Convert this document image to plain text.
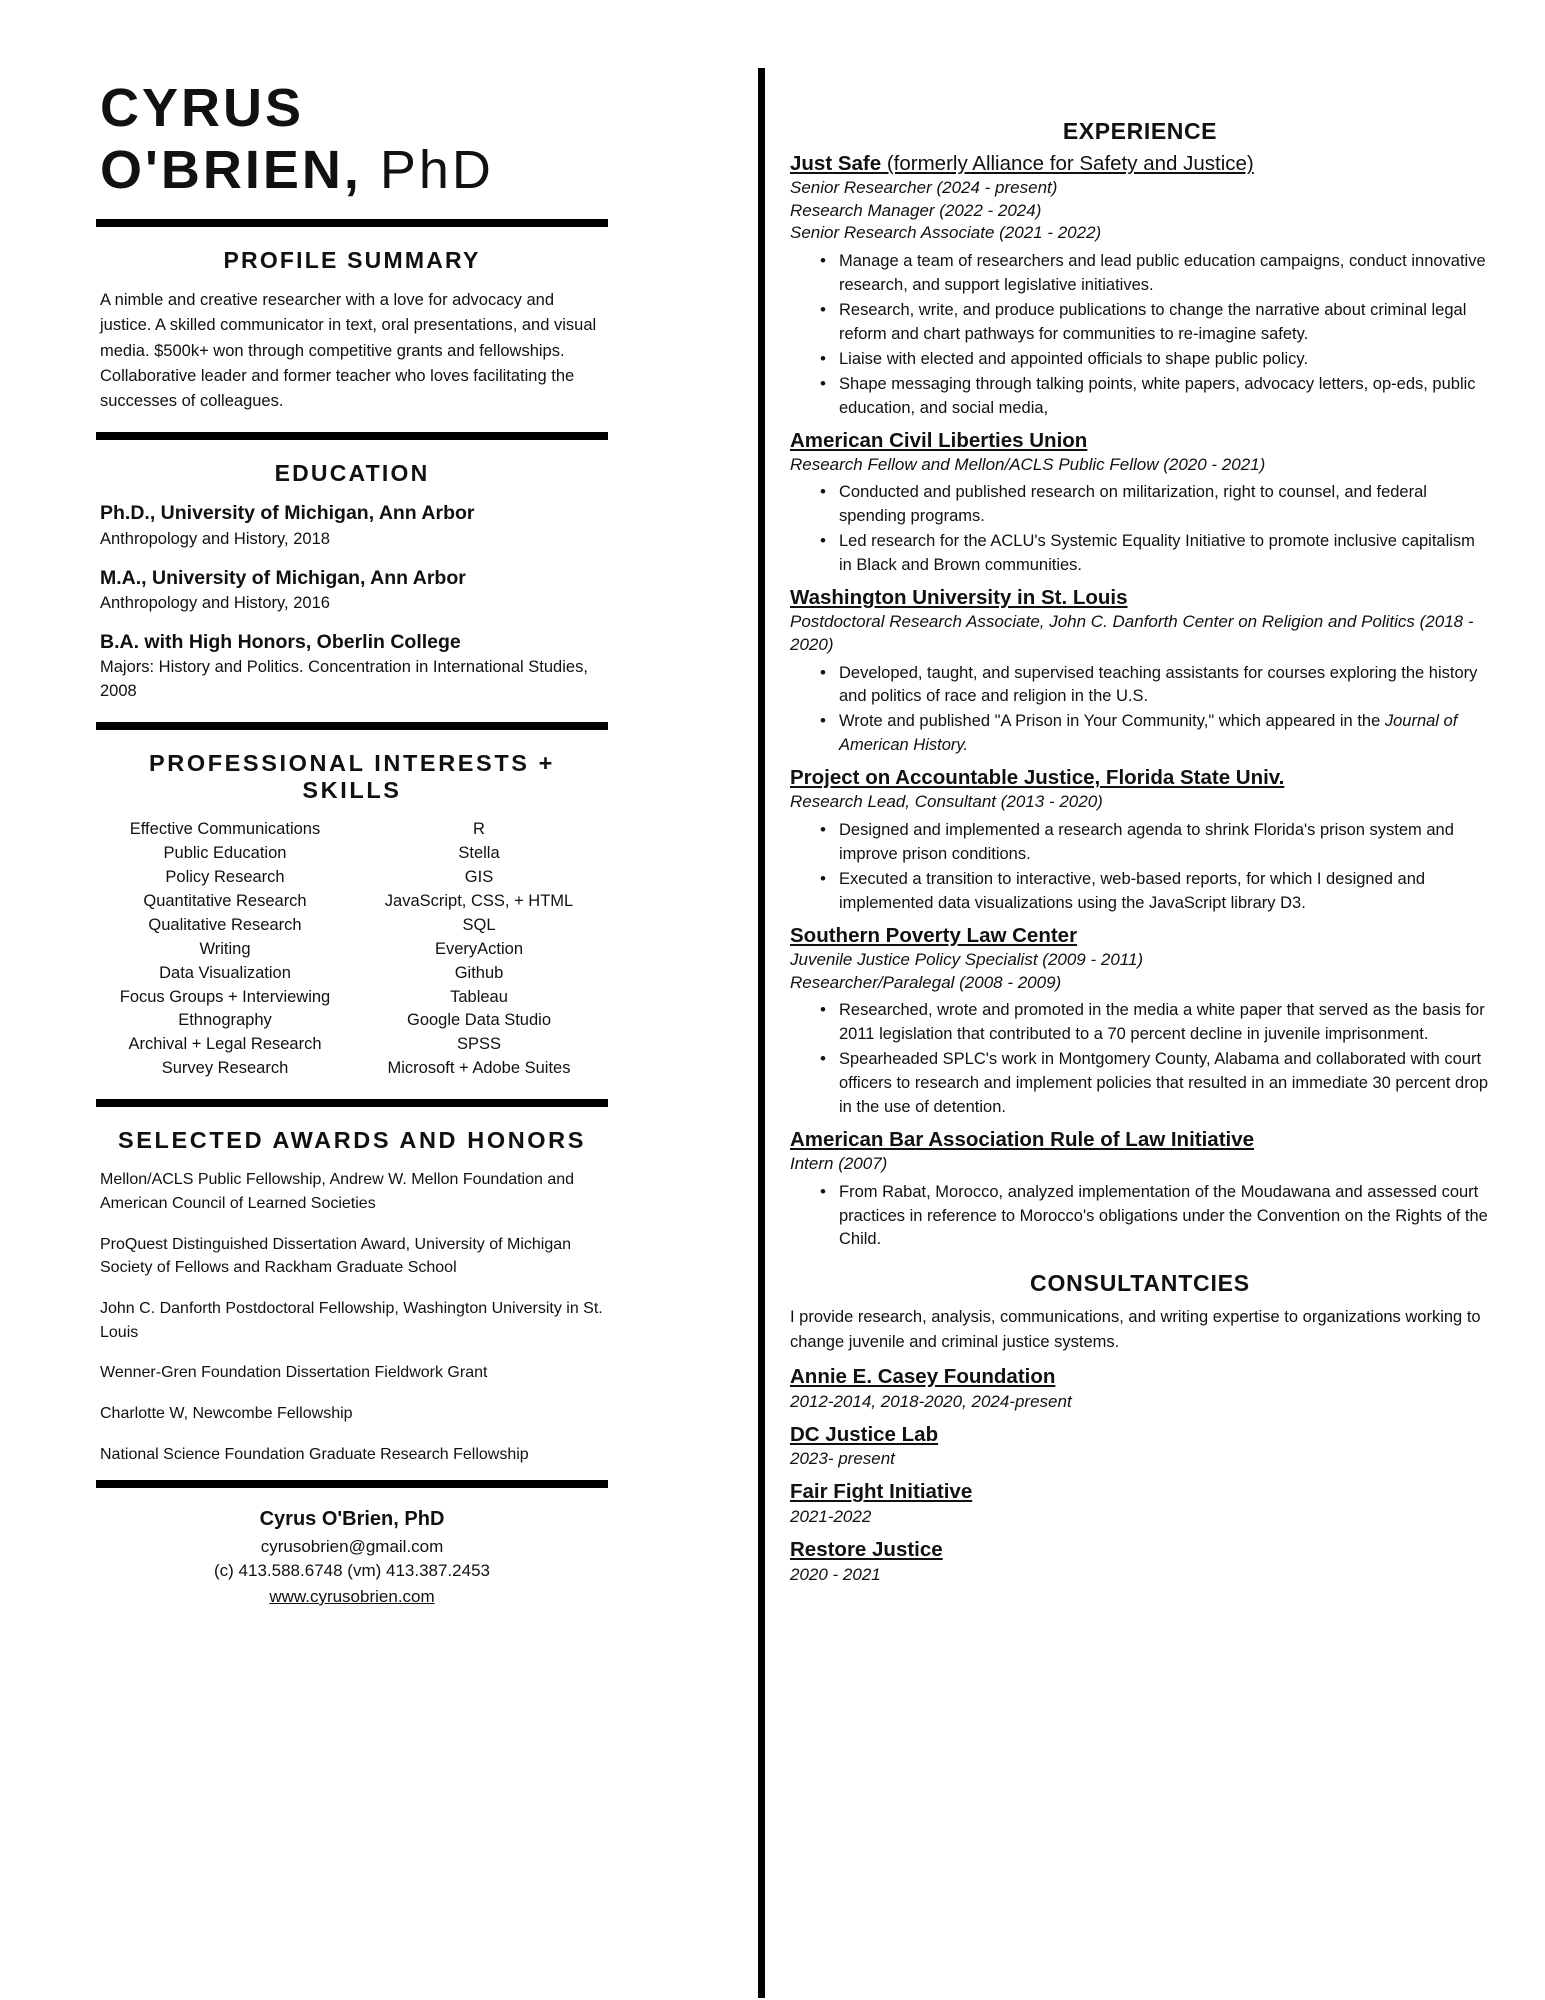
CYRUS
O'BRIEN, PhD
PROFILE SUMMARY

A nimble and creative researcher with a love for advocacy and justice. A skilled communicator in text, oral presentations, and visual media. $500k+ won through competitive grants and fellowships. Collaborative leader and former teacher who loves facilitating the successes of colleagues.

EDUCATION

Ph.D., University of Michigan, Ann Arbor

Anthropology and History, 2018

M.A., University of Michigan, Ann Arbor

Anthropology and History, 2016

B.A. with High Honors, Oberlin College

Majors: History and Politics. Concentration in International Studies, 2008

PROFESSIONAL INTERESTS + SKILLS
Effective Communications
Public Education
Policy Research
Quantitative Research
Qualitative Research
Writing
Data Visualization
Focus Groups + Interviewing
Ethnography
Archival + Legal Research
Survey Research
R
Stella
GIS
JavaScript, CSS, + HTML
SQL
EveryAction
Github
Tableau
Google Data Studio
SPSS
Microsoft + Adobe Suites
SELECTED AWARDS AND HONORS

Mellon/ACLS Public Fellowship, Andrew W. Mellon Foundation and American Council of Learned Societies

ProQuest Distinguished Dissertation Award, University of Michigan Society of Fellows and Rackham Graduate School

John C. Danforth Postdoctoral Fellowship, Washington University in St. Louis

Wenner-Gren Foundation Dissertation Fieldwork Grant

Charlotte W, Newcombe Fellowship

National Science Foundation Graduate Research Fellowship

Cyrus O'Brien, PhD

cyrusobrien@gmail.com

(c) 413.588.6748 (vm) 413.387.2453

www.cyrusobrien.com

EXPERIENCE

Just Safe (formerly Alliance for Safety and Justice)

Senior Researcher (2024 - present)

Research Manager (2022 - 2024)

Senior Research Associate (2021 - 2022)

• Manage a team of researchers and lead public education campaigns, conduct innovative research, and support legislative initiatives.
• Research, write, and produce publications to change the narrative about criminal legal reform and chart pathways for communities to re-imagine safety.
• Liaise with elected and appointed officials to shape public policy.
• Shape messaging through talking points, white papers, advocacy letters, op-eds, public education, and social media,

American Civil Liberties Union

Research Fellow and Mellon/ACLS Public Fellow (2020 - 2021)

• Conducted and published research on militarization, right to counsel, and federal spending programs.
• Led research for the ACLU's Systemic Equality Initiative to promote inclusive capitalism in Black and Brown communities.

Washington University in St. Louis

Postdoctoral Research Associate, John C. Danforth Center on Religion and Politics (2018 - 2020)

• Developed, taught, and supervised teaching assistants for courses exploring the history and politics of race and religion in the U.S.
• Wrote and published "A Prison in Your Community," which appeared in the Journal of American History.

Project on Accountable Justice, Florida State Univ.

Research Lead, Consultant (2013 - 2020)

• Designed and implemented a research agenda to shrink Florida's prison system and improve prison conditions.
• Executed a transition to interactive, web-based reports, for which I designed and implemented data visualizations using the JavaScript library D3.

Southern Poverty Law Center

Juvenile Justice Policy Specialist (2009 - 2011)

Researcher/Paralegal (2008 - 2009)

• Researched, wrote and promoted in the media a white paper that served as the basis for 2011 legislation that contributed to a 70 percent decline in juvenile imprisonment.
• Spearheaded SPLC's work in Montgomery County, Alabama and collaborated with court officers to research and implement policies that resulted in an immediate 30 percent drop in the use of detention.

American Bar Association Rule of Law Initiative

Intern (2007)

• From Rabat, Morocco, analyzed implementation of the Moudawana and assessed court practices in reference to Morocco's obligations under the Convention on the Rights of the Child.
CONSULTANTCIES

I provide research, analysis, communications, and writing expertise to organizations working to change juvenile and criminal justice systems.

Annie E. Casey Foundation

2012-2014, 2018-2020, 2024-present

DC Justice Lab

2023- present

Fair Fight Initiative

2021-2022

Restore Justice

2020 - 2021
